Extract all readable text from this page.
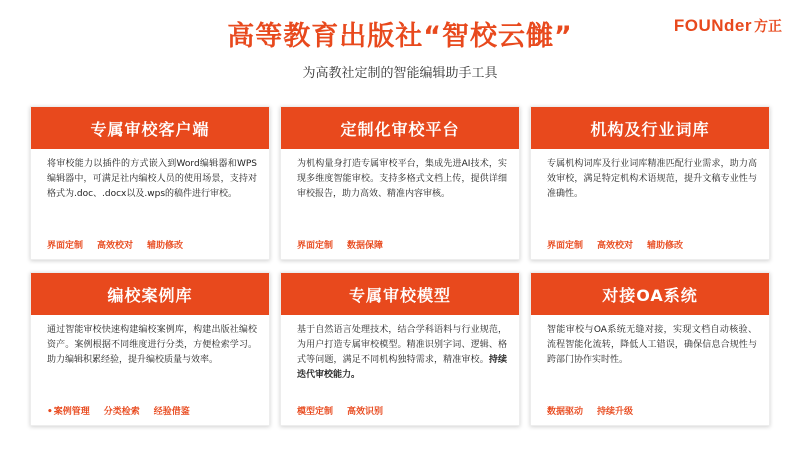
高等教育出版社“智校云雠”
为高教社定制的智能编辑助手工具
FOUNder 方正
专属审校客户端
将审校能力以插件的方式嵌入到Word编辑器和WPS编辑器中，可满足社内编校人员的使用场景，支持对格式为.doc、.docx以及.wps的稿件进行审校。
界面定制 高效校对 辅助修改
定制化审校平台
为机构量身打造专属审校平台，集成先进AI技术，实现多维度智能审校。支持多格式文档上传，提供详细审校报告，助力高效、精准内容审核。
界面定制 数据保障
机构及行业词库
专属机构词库及行业词库精准匹配行业需求，助力高效审校，满足特定机构术语规范，提升文稿专业性与准确性。
界面定制 高效校对 辅助修改
编校案例库
通过智能审校快速构建编校案例库，构建出版社编校资产。案例根据不同维度进行分类，方便检索学习。助力编辑积累经验，提升编校质量与效率。
• 案例管理 分类检索 经验借鉴
专属审校模型
基于自然语言处理技术，结合学科语料与行业规范，为用户打造专属审校模型。精准识别字词、逻辑、格式等问题，满足不同机构独特需求，精准审校。持续迭代审校能力。
模型定制 高效识别
对接OA系统
智能审校与OA系统无缝对接，实现文档自动核验、流程智能化流转，降低人工错误，确保信息合规性与跨部门协作实时性。
数据驱动 持续升级
